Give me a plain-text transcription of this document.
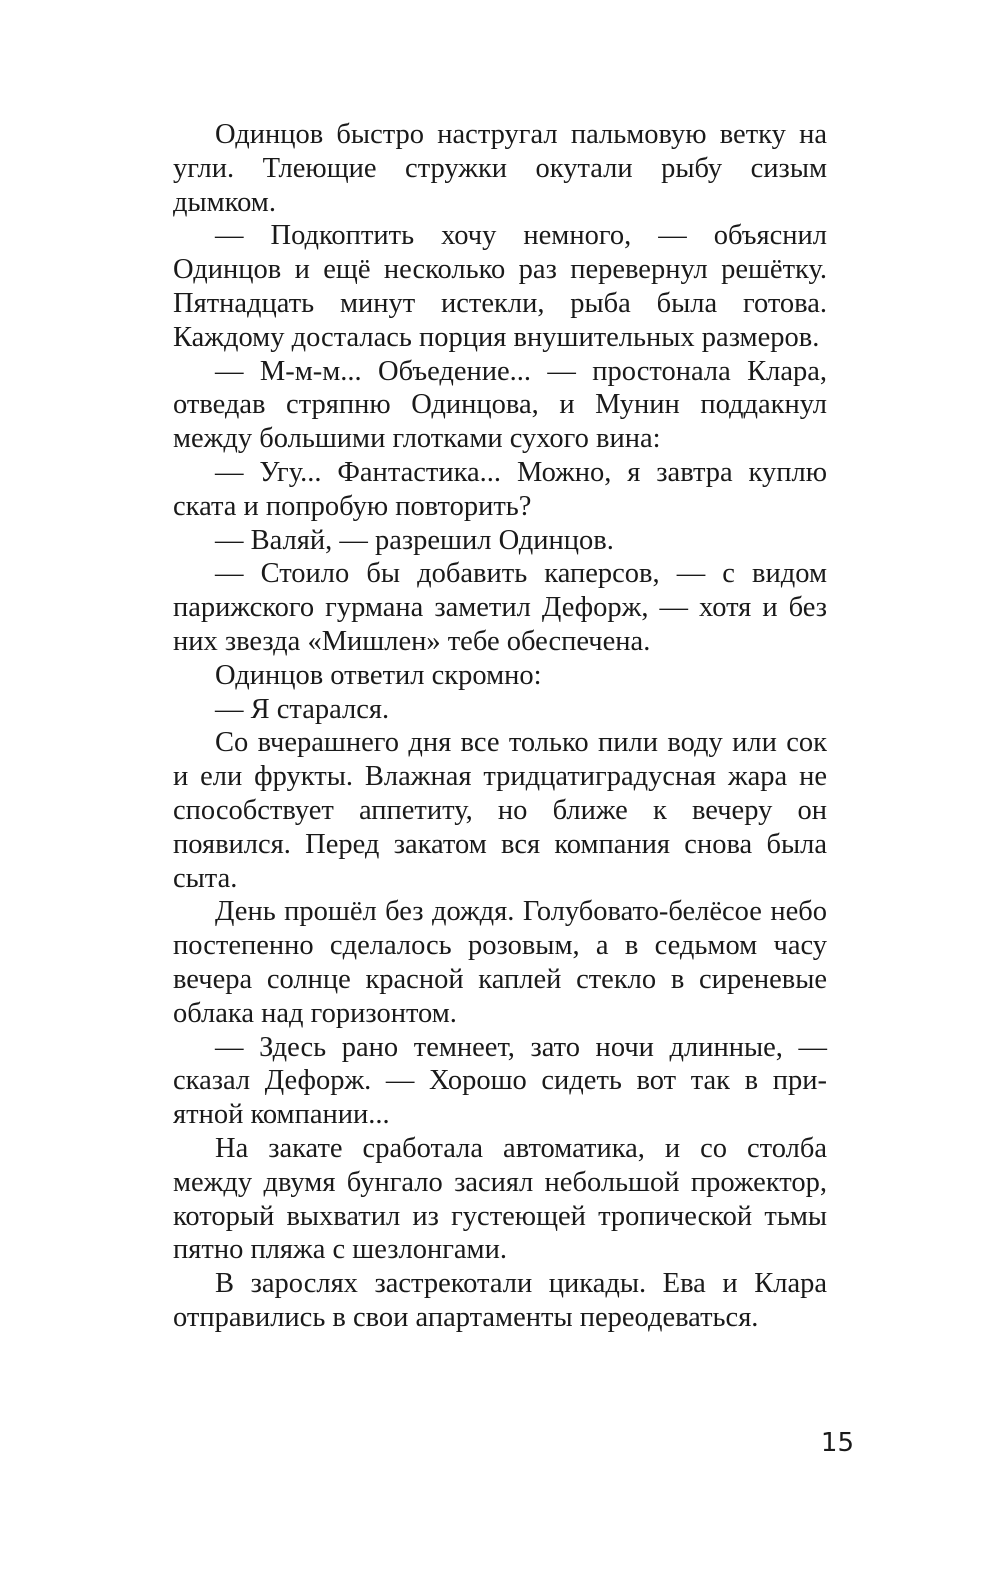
Одинцов быстро настругал пальмовую ветку на угли. Тлеющие стружки окутали рыбу сизым дымком.

— Подкоптить хочу немного, — объяснил Одинцов и ещё несколько раз перевернул решётку. Пятнадцать минут истекли, рыба была готова. Каждому досталась порция внушительных размеров.

— М-м-м... Объедение... — простонала Клара, отведав стряпню Одинцова, и Мунин поддакнул между большими глотками сухого вина:

— Угу... Фантастика... Можно, я завтра куплю ската и попробую повторить?

— Валяй, — разрешил Одинцов.

— Стоило бы добавить каперсов, — с видом парижского гурмана заметил Дефорж, — хотя и без них звезда «Мишлен» тебе обеспечена.

Одинцов ответил скромно:

— Я старался.

Со вчерашнего дня все только пили воду или сок и ели фрукты. Влажная тридцатиградусная жара не способствует аппетиту, но ближе к вечеру он появился. Перед закатом вся компания снова была сыта.

День прошёл без дождя. Голубовато-белёсое небо постепенно сделалось розовым, а в седьмом часу вечера солнце красной каплей стекло в сиреневые облака над горизонтом.

— Здесь рано темнеет, зато ночи длинные, — сказал Дефорж. — Хорошо сидеть вот так в приятной компании...

На закате сработала автоматика, и со столба между двумя бунгало засиял небольшой прожектор, который выхватил из густеющей тропической тьмы пятно пляжа с шезлонгами.

В зарослях застрекотали цикады. Ева и Клара отправились в свои апартаменты переодеваться.

15
